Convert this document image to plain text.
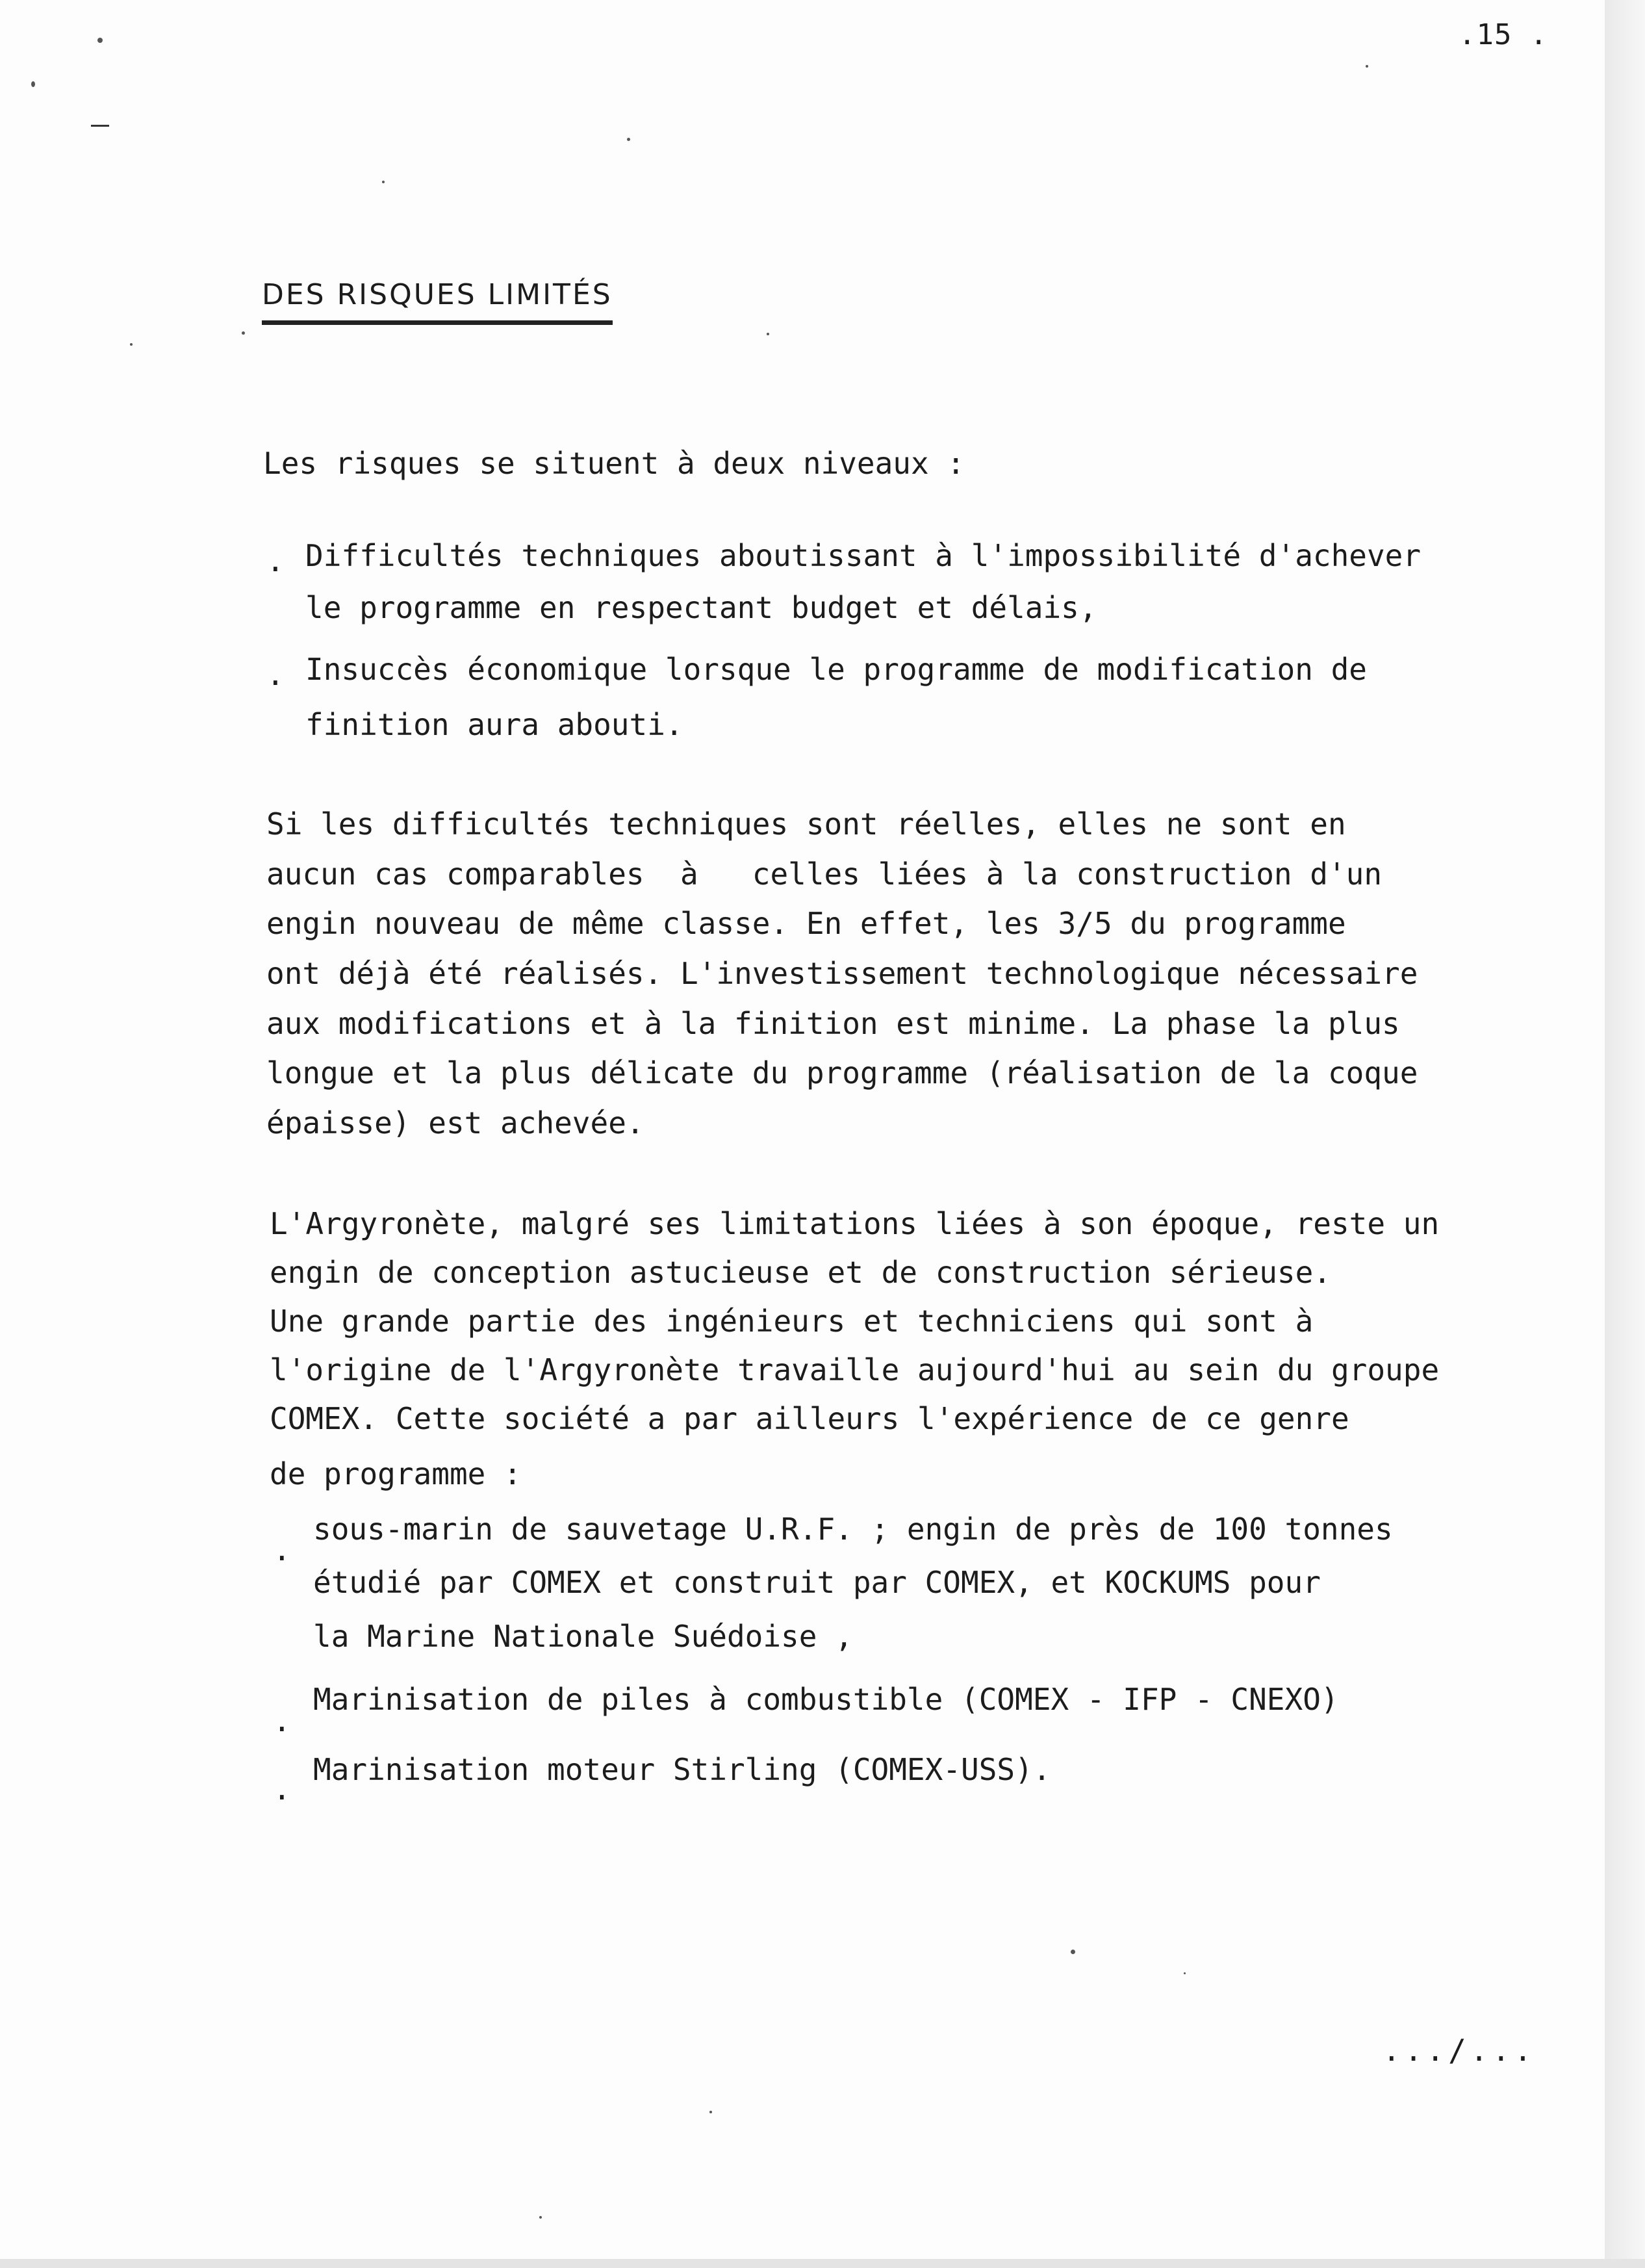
.15 .
DES RISQUES LIMITÉS
Les risques se situent à deux niveaux :
. Difficultés techniques aboutissant à l'impossibilité d'achever
le programme en respectant budget et délais,
. Insuccès économique lorsque le programme de modification de
finition aura abouti.
Si les difficultés techniques sont réelles, elles ne sont en
aucun cas comparables  à   celles liées à la construction d'un
engin nouveau de même classe. En effet, les 3/5 du programme
ont déjà été réalisés. L'investissement technologique nécessaire
aux modifications et à la finition est minime. La phase la plus
longue et la plus délicate du programme (réalisation de la coque
épaisse) est achevée.
L'Argyronète, malgré ses limitations liées à son époque, reste un
engin de conception astucieuse et de construction sérieuse.
Une grande partie des ingénieurs et techniciens qui sont à
l'origine de l'Argyronète travaille aujourd'hui au sein du groupe
COMEX. Cette société a par ailleurs l'expérience de ce genre
de programme :
.
sous-marin de sauvetage U.R.F. ; engin de près de 100 tonnes
étudié par COMEX et construit par COMEX, et KOCKUMS pour
la Marine Nationale Suédoise ,
.
Marinisation de piles à combustible (COMEX - IFP - CNEXO)
.
Marinisation moteur Stirling (COMEX-USS).
.../...
